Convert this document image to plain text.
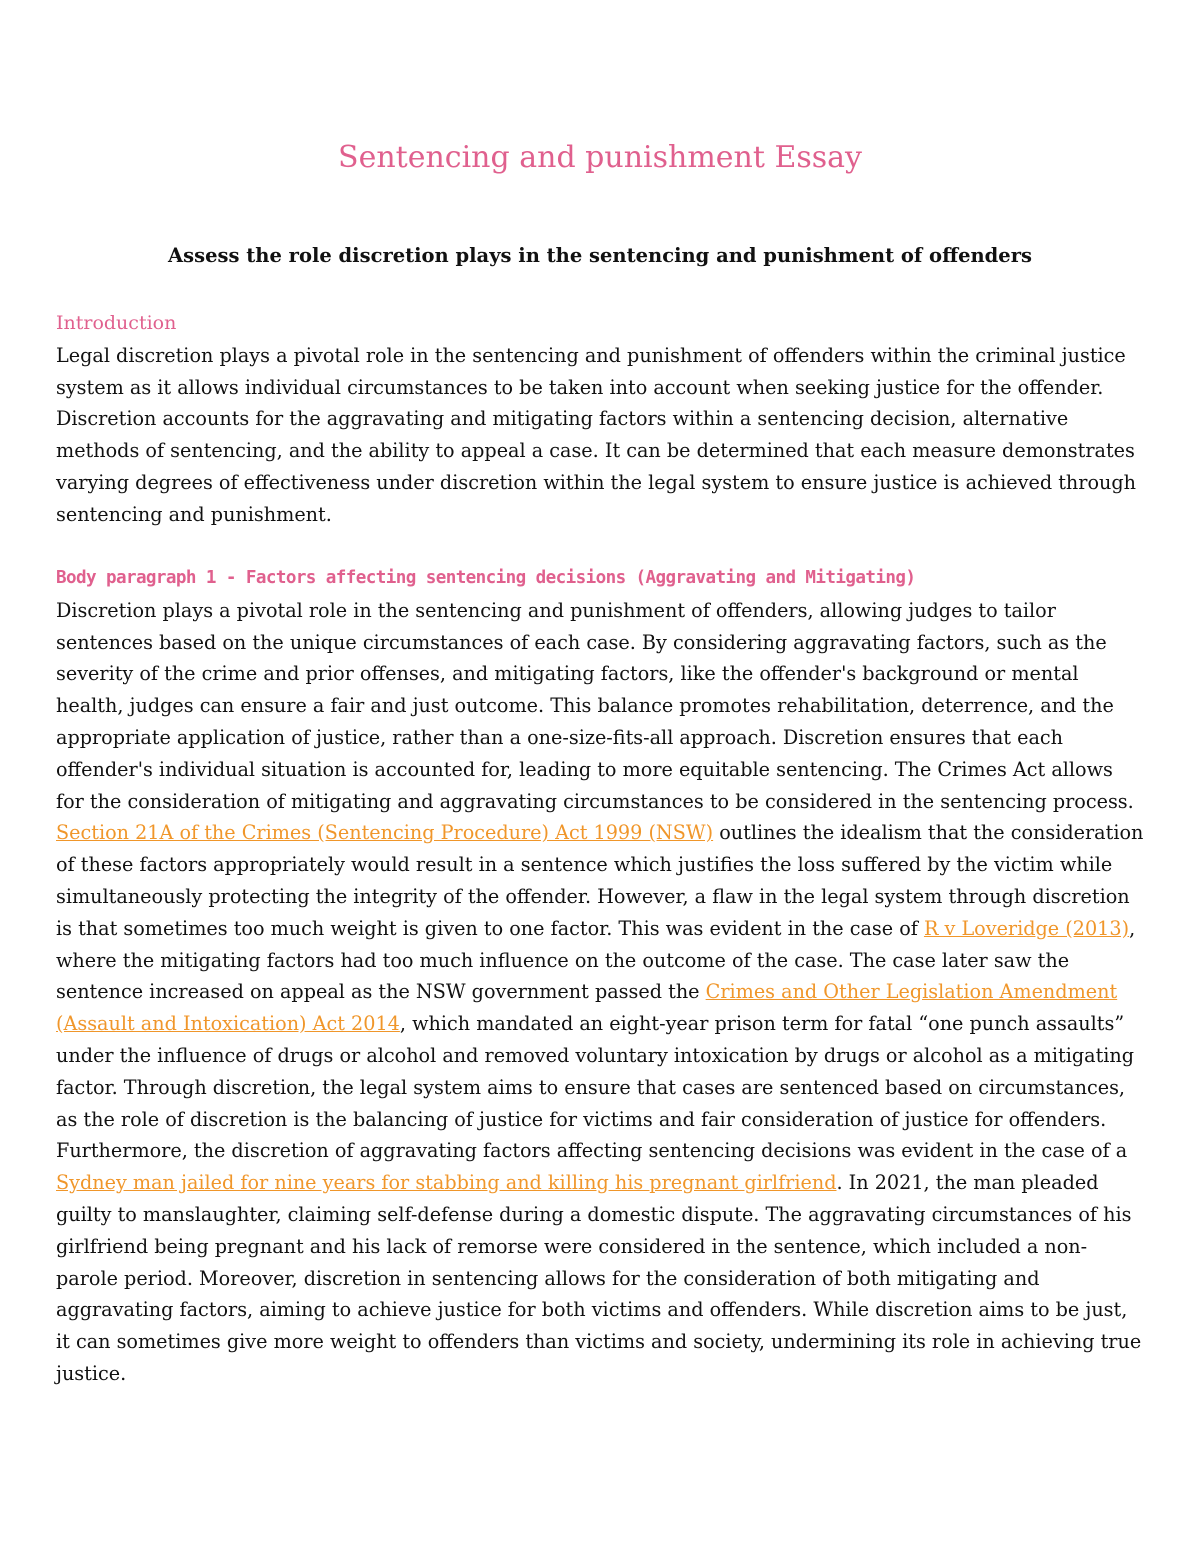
Sentencing and punishment Essay
Assess the role discretion plays in the sentencing and punishment of offenders
Introduction

Legal discretion plays a pivotal role in the sentencing and punishment of offenders within the criminal justice system as it allows individual circumstances to be taken into account when seeking justice for the offender. Discretion accounts for the aggravating and mitigating factors within a sentencing decision, alternative methods of sentencing, and the ability to appeal a case. It can be determined that each measure demonstrates varying degrees of effectiveness under discretion within the legal system to ensure justice is achieved through sentencing and punishment.

Body paragraph 1 - Factors affecting sentencing decisions (Aggravating and Mitigating)

Discretion plays a pivotal role in the sentencing and punishment of offenders, allowing judges to tailor sentences based on the unique circumstances of each case. By considering aggravating factors, such as the severity of the crime and prior offenses, and mitigating factors, like the offender's background or mental health, judges can ensure a fair and just outcome. This balance promotes rehabilitation, deterrence, and the appropriate application of justice, rather than a one-size-fits-all approach. Discretion ensures that each offender's individual situation is accounted for, leading to more equitable sentencing. The Crimes Act allows for the consideration of mitigating and aggravating circumstances to be considered in the sentencing process. Section 21A of the Crimes (Sentencing Procedure) Act 1999 (NSW) outlines the idealism that the consideration of these factors appropriately would result in a sentence which justifies the loss suffered by the victim while simultaneously protecting the integrity of the offender. However, a flaw in the legal system through discretion is that sometimes too much weight is given to one factor. This was evident in the case of R v Loveridge (2013), where the mitigating factors had too much influence on the outcome of the case. The case later saw the sentence increased on appeal as the NSW government passed the Crimes and Other Legislation Amendment (Assault and Intoxication) Act 2014, which mandated an eight-year prison term for fatal “one punch assaults” under the influence of drugs or alcohol and removed voluntary intoxication by drugs or alcohol as a mitigating factor. Through discretion, the legal system aims to ensure that cases are sentenced based on circumstances, as the role of discretion is the balancing of justice for victims and fair consideration of justice for offenders. Furthermore, the discretion of aggravating factors affecting sentencing decisions was evident in the case of a Sydney man jailed for nine years for stabbing and killing his pregnant girlfriend. In 2021, the man pleaded guilty to manslaughter, claiming self-defense during a domestic dispute. The aggravating circumstances of his girlfriend being pregnant and his lack of remorse were considered in the sentence, which included a non-parole period. Moreover, discretion in sentencing allows for the consideration of both mitigating and aggravating factors, aiming to achieve justice for both victims and offenders. While discretion aims to be just, it can sometimes give more weight to offenders than victims and society, undermining its role in achieving true justice.
